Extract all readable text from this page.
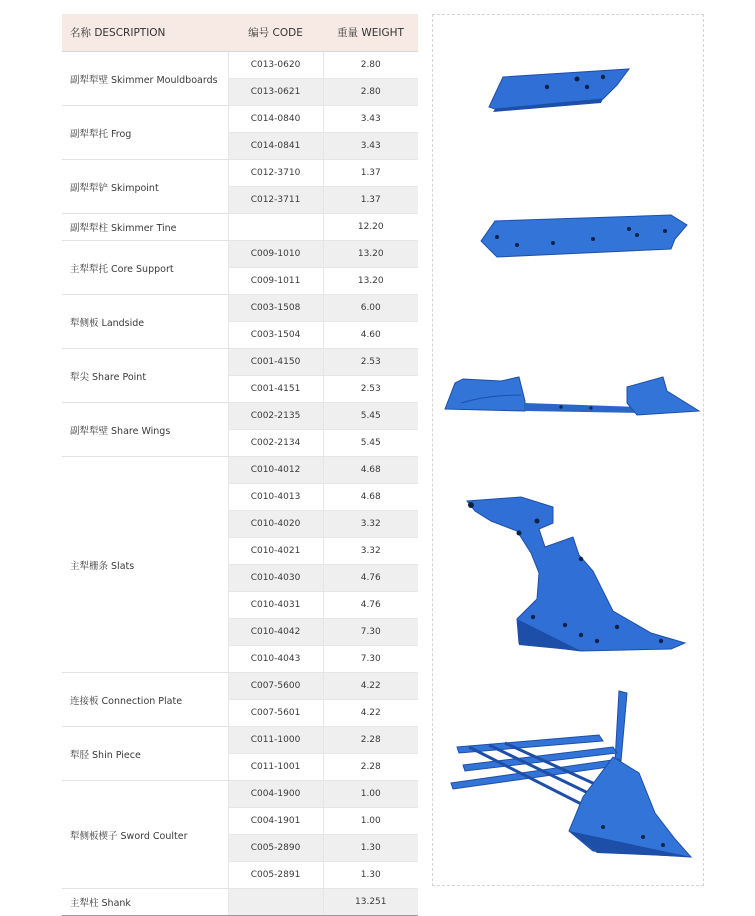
名称 DESCRIPTION	编号 CODE	重量 WEIGHT
副犁犁壁 Skimmer Mouldboards	C013-0620	2.80
	C013-0621	2.80
副犁犁托 Frog	C014-0840	3.43
	C014-0841	3.43
副犁犁铲 Skimpoint	C012-3710	1.37
	C012-3711	1.37
副犁犁柱 Skimmer Tine		12.20
主犁犁托 Core Support	C009-1010	13.20
	C009-1011	13.20
犁侧板 Landside	C003-1508	6.00
	C003-1504	4.60
犁尖 Share Point	C001-4150	2.53
	C001-4151	2.53
副犁犁壁 Share Wings	C002-2135	5.45
	C002-2134	5.45
主犁栅条 Slats	C010-4012	4.68
	C010-4013	4.68
	C010-4020	3.32
	C010-4021	3.32
	C010-4030	4.76
	C010-4031	4.76
	C010-4042	7.30
	C010-4043	7.30
连接板 Connection Plate	C007-5600	4.22
	C007-5601	4.22
犁胫 Shin Piece	C011-1000	2.28
	C011-1001	2.28
犁侧板楔子 Sword Coulter	C004-1900	1.00
	C004-1901	1.00
	C005-2890	1.30
	C005-2891	1.30
主犁柱 Shank		13.251
